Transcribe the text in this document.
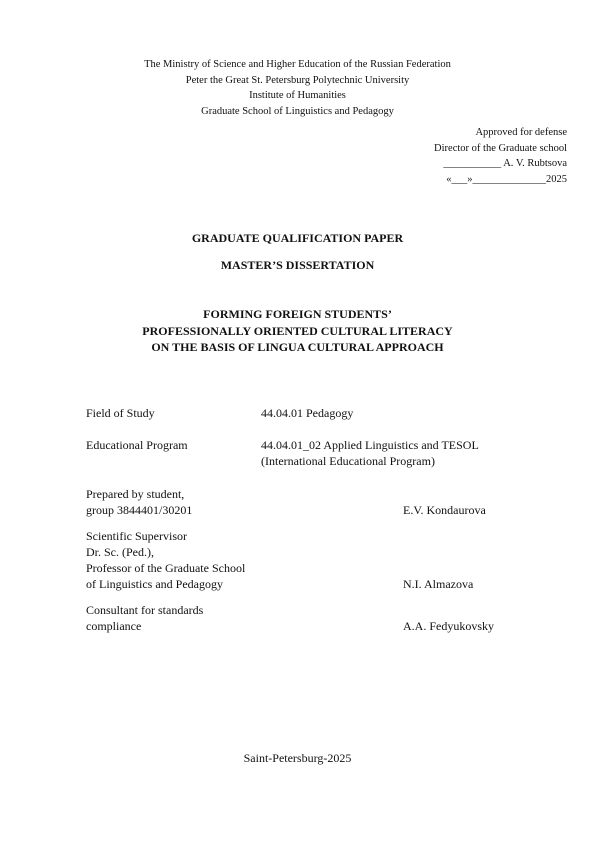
The Ministry of Science and Higher Education of the Russian Federation
Peter the Great St. Petersburg Polytechnic University
Institute of Humanities
Graduate School of Linguistics and Pedagogy
Approved for defense
Director of the Graduate school
___________ A. V. Rubtsova
«___»______________2025
GRADUATE QUALIFICATION PAPER
MASTER’S DISSERTATION
FORMING FOREIGN STUDENTS’
PROFESSIONALLY ORIENTED CULTURAL LITERACY
ON THE BASIS OF LINGUA CULTURAL APPROACH
Field of Study	44.04.01 Pedagogy
Educational Program	44.04.01_02 Applied Linguistics and TESOL
(International Educational Program)
Prepared by student,
group 3844401/30201	E.V. Kondaurova
Scientific Supervisor
Dr. Sc. (Ped.),
Professor of the Graduate School
of Linguistics and Pedagogy	N.I. Almazova
Consultant for standards
compliance	A.A. Fedyukovsky
Saint-Petersburg-2025
